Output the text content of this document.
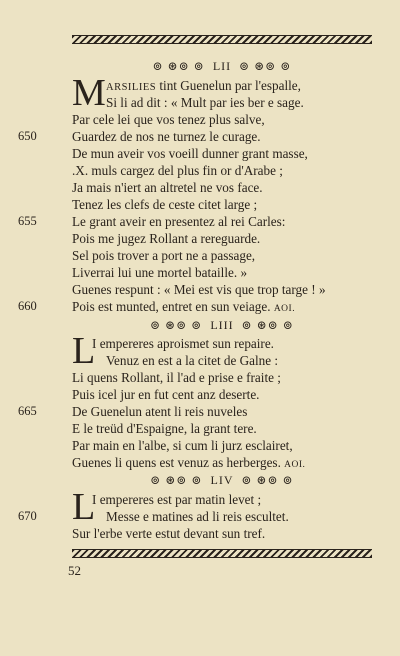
⊚ ⊛⊚ ⊚ LII ⊚ ⊛⊚ ⊚
M ARSILIES tint Guenelun par l'espalle,
Si li ad dit : « Mult par ies ber e sage.
Par cele lei que vos tenez plus salve,
650	Guardez de nos ne turnez le curage.
De mun aveir vos voeill dunner grant masse,
.X. muls cargez del plus fin or d'Arabe ;
Ja mais n'iert an altretel ne vos face.
Tenez les clefs de ceste citet large ;
655	Le grant aveir en presentez al rei Carles:
Pois me jugez Rollant a rereguarde.
Sel pois trover a port ne a passage,
Liverrai lui une mortel bataille. »
Guenes respunt : « Mei est vis que trop targe ! »
660	Pois est munted, entret en sun veiage. AOI.
⊚ ⊛⊚ ⊚ LIII ⊚ ⊛⊚ ⊚
L
I empereres aproismet sun repaire.
Venuz en est a la citet de Galne :
Li quens Rollant, il l'ad e prise e fraite ;
Puis icel jur en fut cent anz deserte.
665	De Guenelun atent li reis nuveles
E le treüd d'Espaigne, la grant tere.
Par main en l'albe, si cum li jurz esclairet,
Guenes li quens est venuz as herberges. AOI.
⊚ ⊛⊚ ⊚ LIV ⊚ ⊛⊚ ⊚
L
I empereres est par matin levet ;
670	Messe e matines ad li reis escultet.
Sur l'erbe verte estut devant sun tref.
52
